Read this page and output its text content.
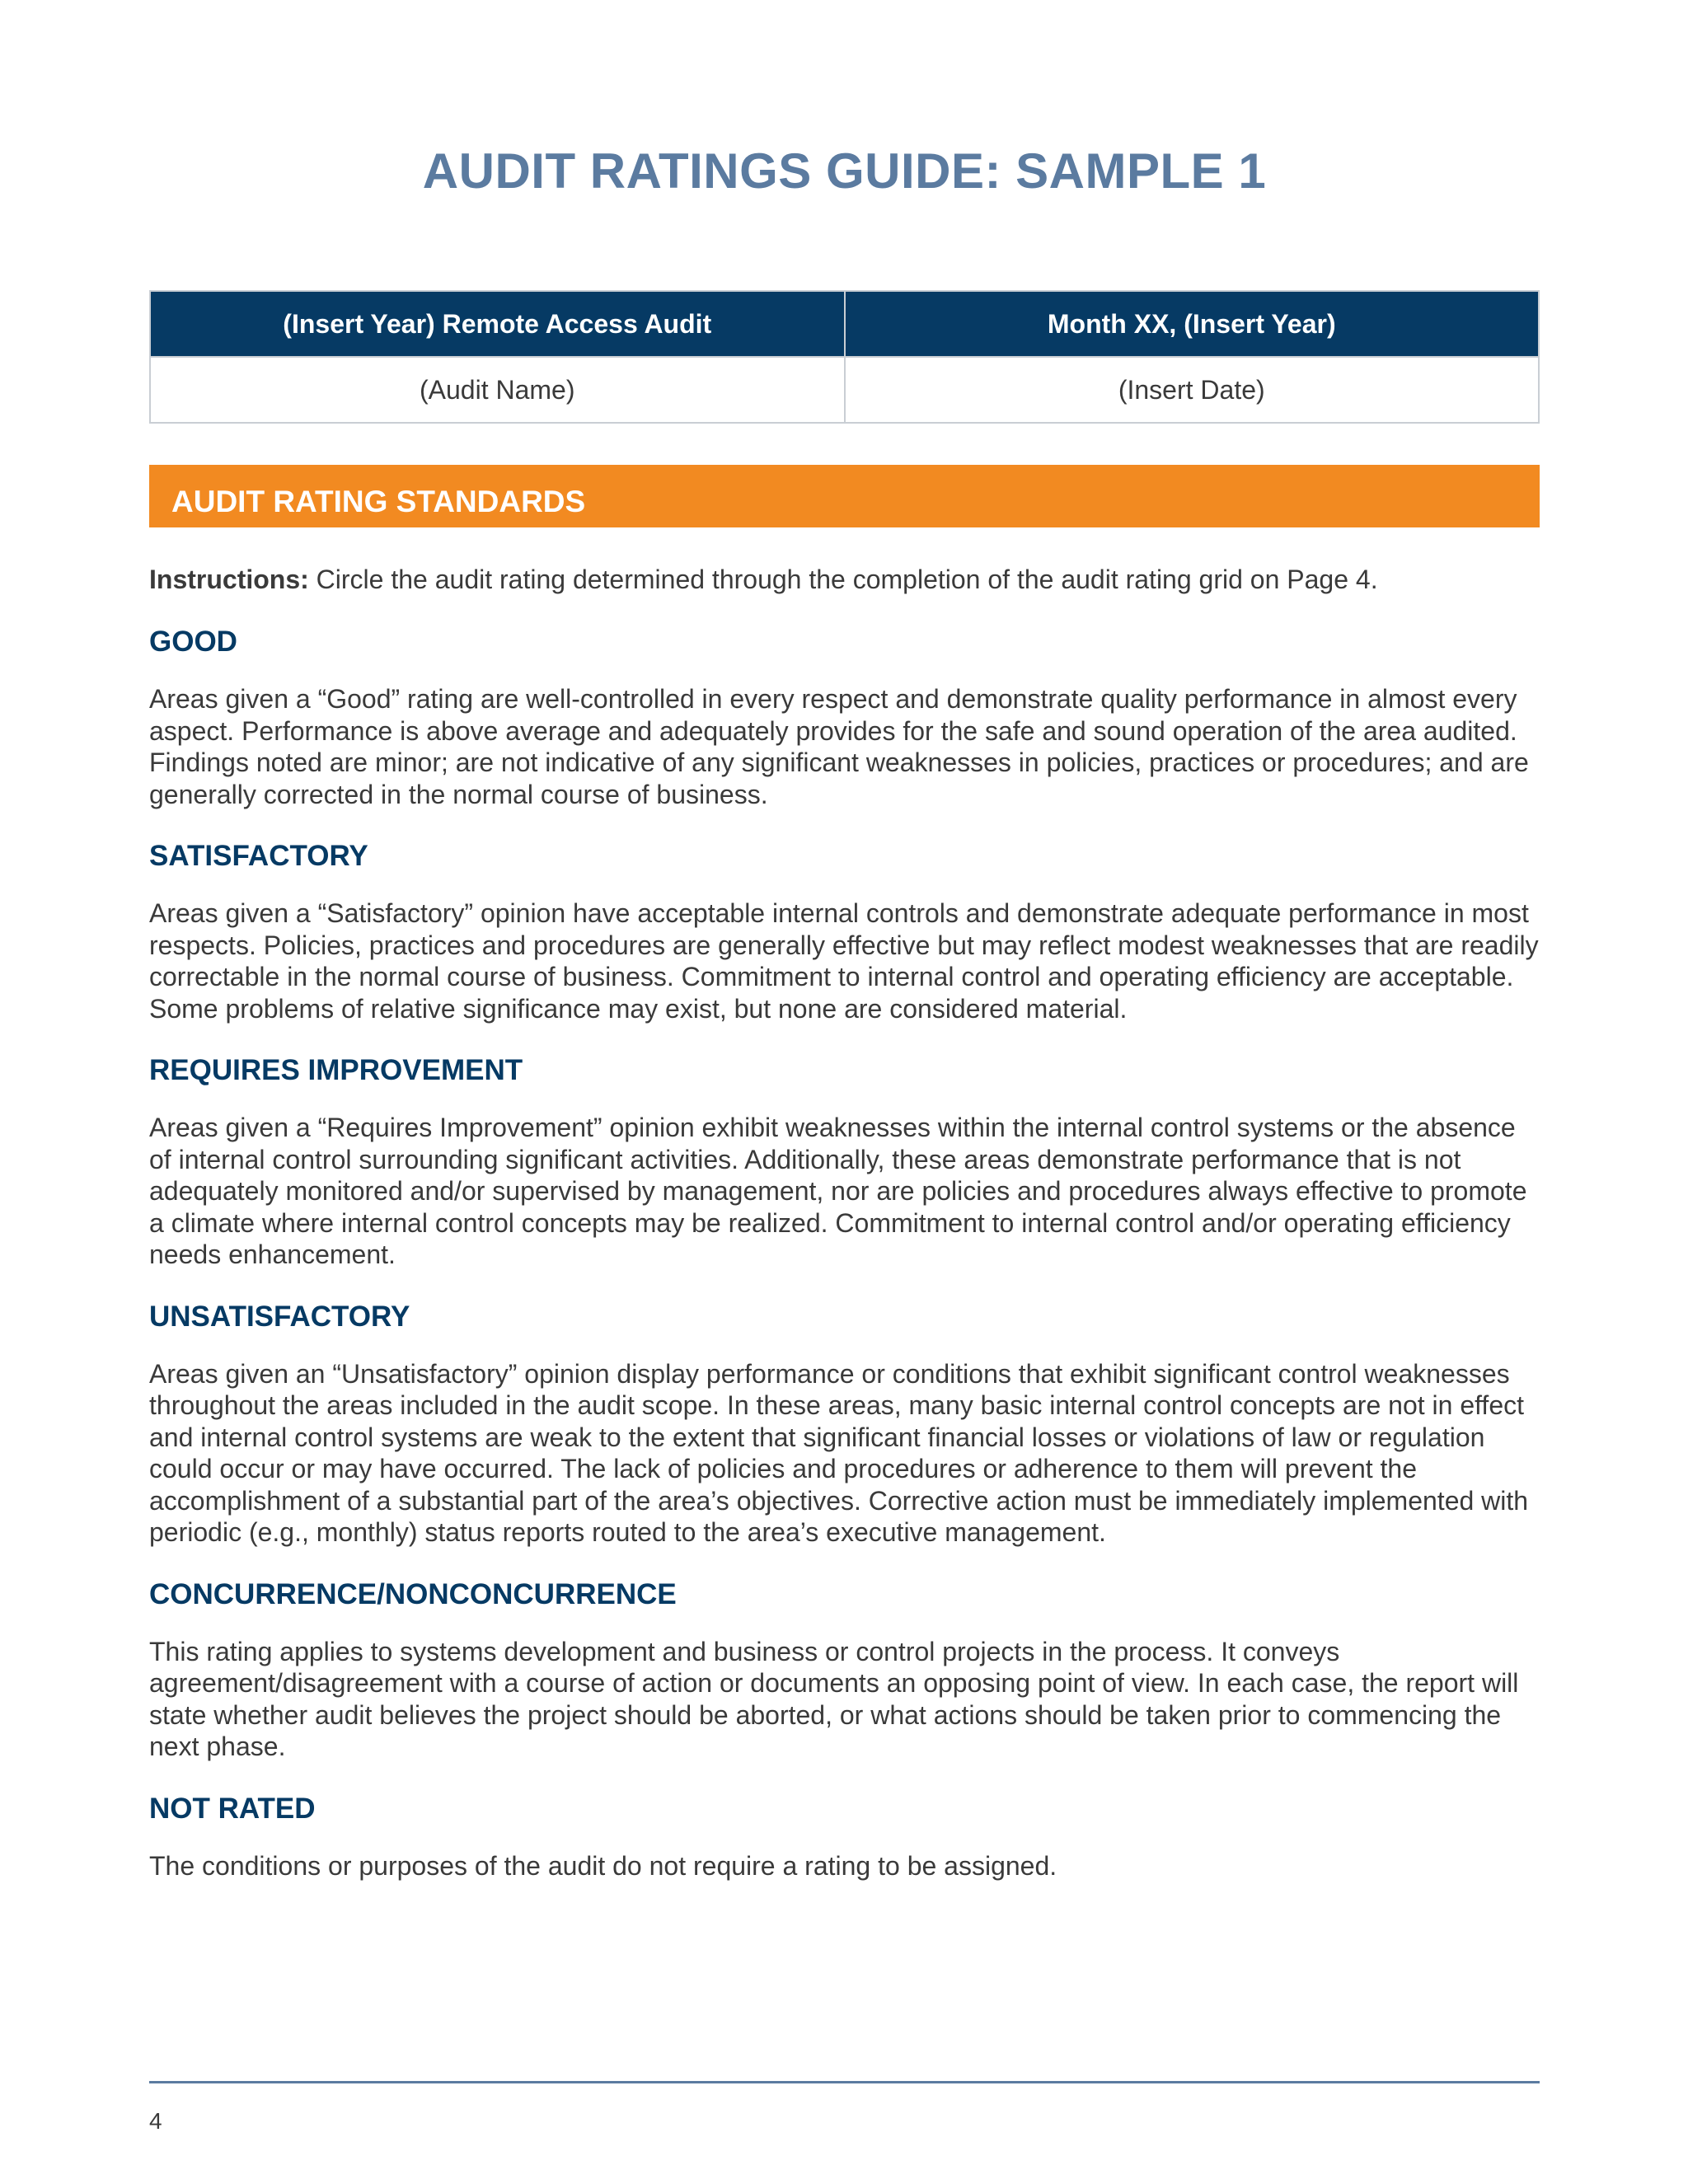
AUDIT RATINGS GUIDE: SAMPLE 1
(Insert Year) Remote Access Audit	Month XX, (Insert Year)
(Audit Name)	(Insert Date)
AUDIT RATING STANDARDS

Instructions: Circle the audit rating determined through the completion of the audit rating grid on Page 4.

GOOD

Areas given a “Good” rating are well-controlled in every respect and demonstrate quality performance in almost every aspect. Performance is above average and adequately provides for the safe and sound operation of the area audited. Findings noted are minor; are not indicative of any significant weaknesses in policies, practices or procedures; and are generally corrected in the normal course of business.

SATISFACTORY

Areas given a “Satisfactory” opinion have acceptable internal controls and demonstrate adequate performance in most respects. Policies, practices and procedures are generally effective but may reflect modest weaknesses that are readily correctable in the normal course of business. Commitment to internal control and operating efficiency are acceptable. Some problems of relative significance may exist, but none are considered material.

REQUIRES IMPROVEMENT

Areas given a “Requires Improvement” opinion exhibit weaknesses within the internal control systems or the absence of internal control surrounding significant activities. Additionally, these areas demonstrate performance that is not adequately monitored and/or supervised by management, nor are policies and procedures always effective to promote a climate where internal control concepts may be realized. Commitment to internal control and/or operating efficiency needs enhancement.

UNSATISFACTORY

Areas given an “Unsatisfactory” opinion display performance or conditions that exhibit significant control weaknesses throughout the areas included in the audit scope. In these areas, many basic internal control concepts are not in effect and internal control systems are weak to the extent that significant financial losses or violations of law or regulation could occur or may have occurred. The lack of policies and procedures or adherence to them will prevent the accomplishment of a substantial part of the area’s objectives. Corrective action must be immediately implemented with periodic (e.g., monthly) status reports routed to the area’s executive management.

CONCURRENCE/NONCONCURRENCE

This rating applies to systems development and business or control projects in the process. It conveys agreement/disagreement with a course of action or documents an opposing point of view. In each case, the report will state whether audit believes the project should be aborted, or what actions should be taken prior to commencing the next phase.

NOT RATED

The conditions or purposes of the audit do not require a rating to be assigned.

4
